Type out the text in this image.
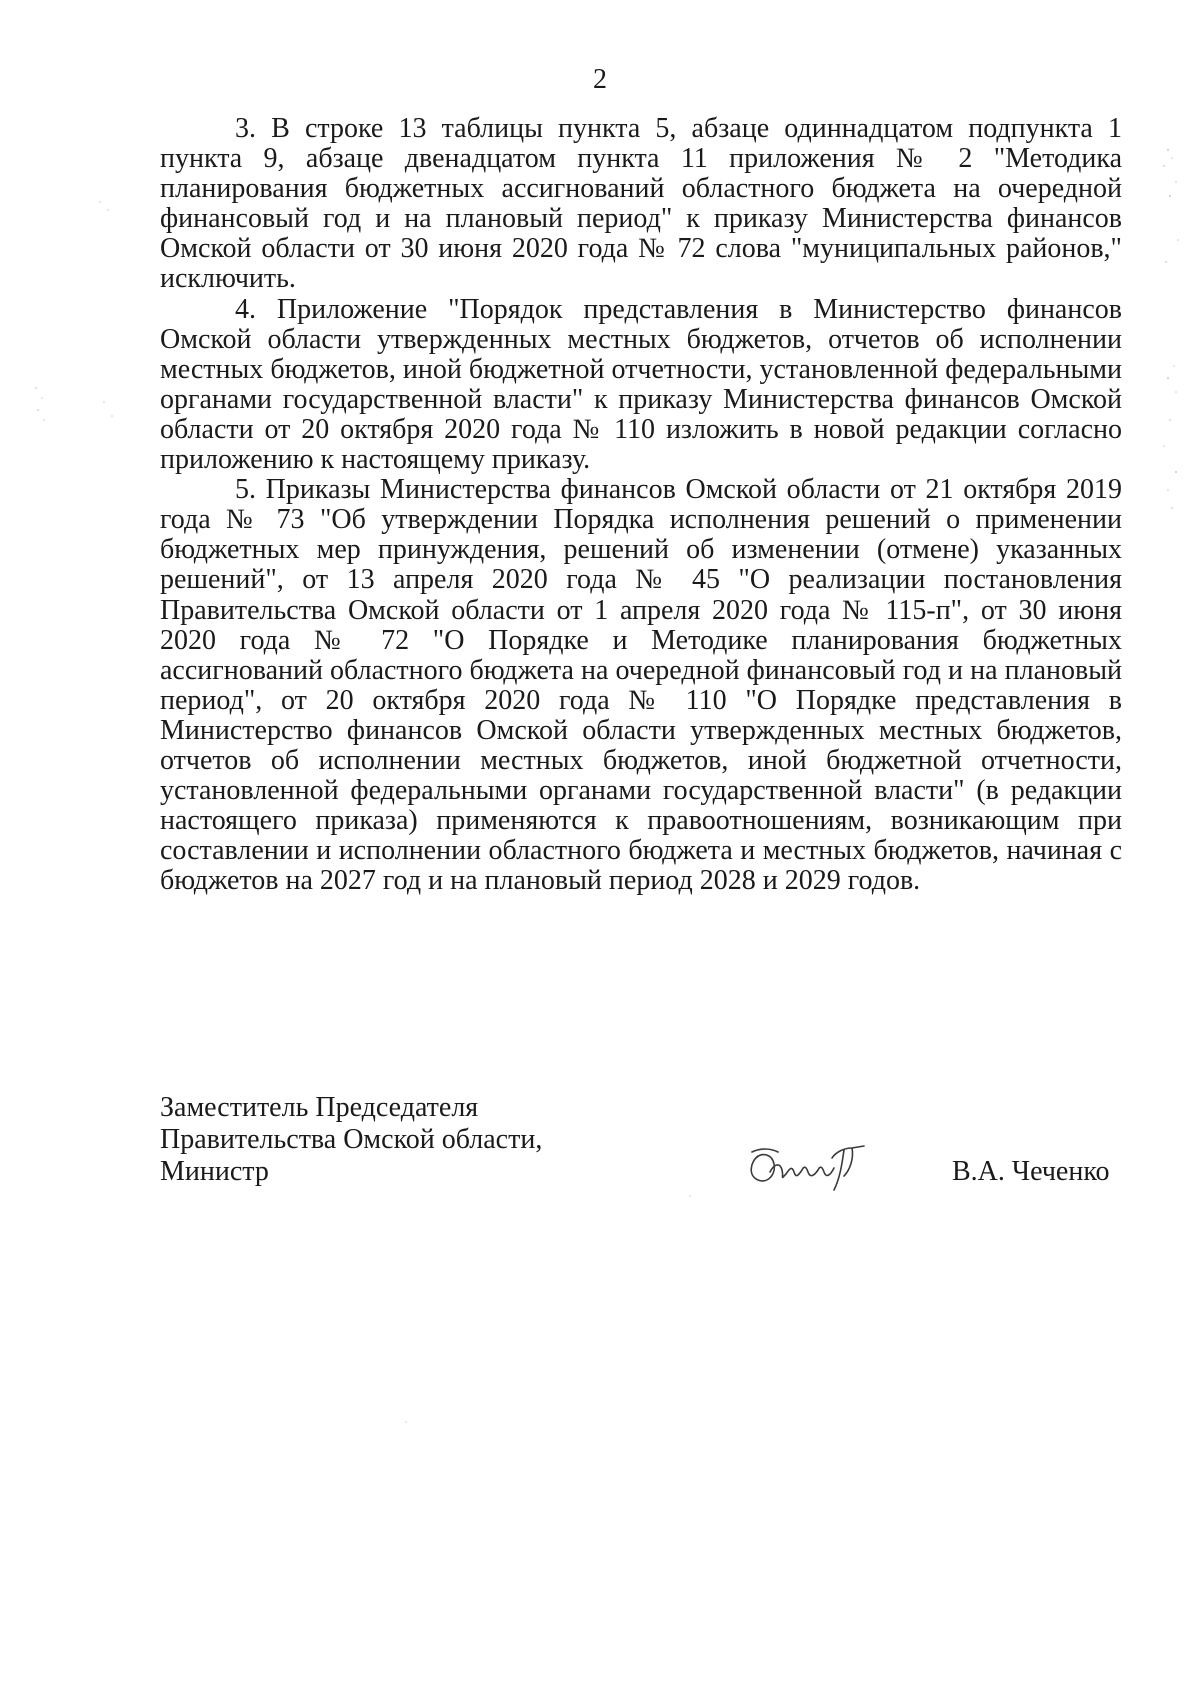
2

3. В строке 13 таблицы пункта 5, абзаце одиннадцатом подпункта 1 пункта 9, абзаце двенадцатом пункта 11 приложения № 2 "Методика планирования бюджетных ассигнований областного бюджета на очередной финансовый год и на плановый период" к приказу Министерства финансов Омской области от 30 июня 2020 года № 72 слова "муниципальных районов," исключить.

4. Приложение "Порядок представления в Министерство финансов Омской области утвержденных местных бюджетов, отчетов об исполнении местных бюджетов, иной бюджетной отчетности, установленной федеральными органами государственной власти" к приказу Министерства финансов Омской области от 20 октября 2020 года № 110 изложить в новой редакции согласно приложению к настоящему приказу.

5. Приказы Министерства финансов Омской области от 21 октября 2019 года № 73 "Об утверждении Порядка исполнения решений о применении бюджетных мер принуждения, решений об изменении (отмене) указанных решений", от 13 апреля 2020 года № 45 "О реализации постановления Правительства Омской области от 1 апреля 2020 года № 115-п", от 30 июня 2020 года № 72 "О Порядке и Методике планирования бюджетных ассигнований областного бюджета на очередной финансовый год и на плановый период", от 20 октября 2020 года № 110 "О Порядке представления в Министерство финансов Омской области утвержденных местных бюджетов, отчетов об исполнении местных бюджетов, иной бюджетной отчетности, установленной федеральными органами государственной власти" (в редакции настоящего приказа) применяются к правоотношениям, возникающим при составлении и исполнении областного бюджета и местных бюджетов, начиная с бюджетов на 2027 год и на плановый период 2028 и 2029 годов.

Заместитель Председателя
Правительства Омской области,
Министр	В.А. Чеченко
